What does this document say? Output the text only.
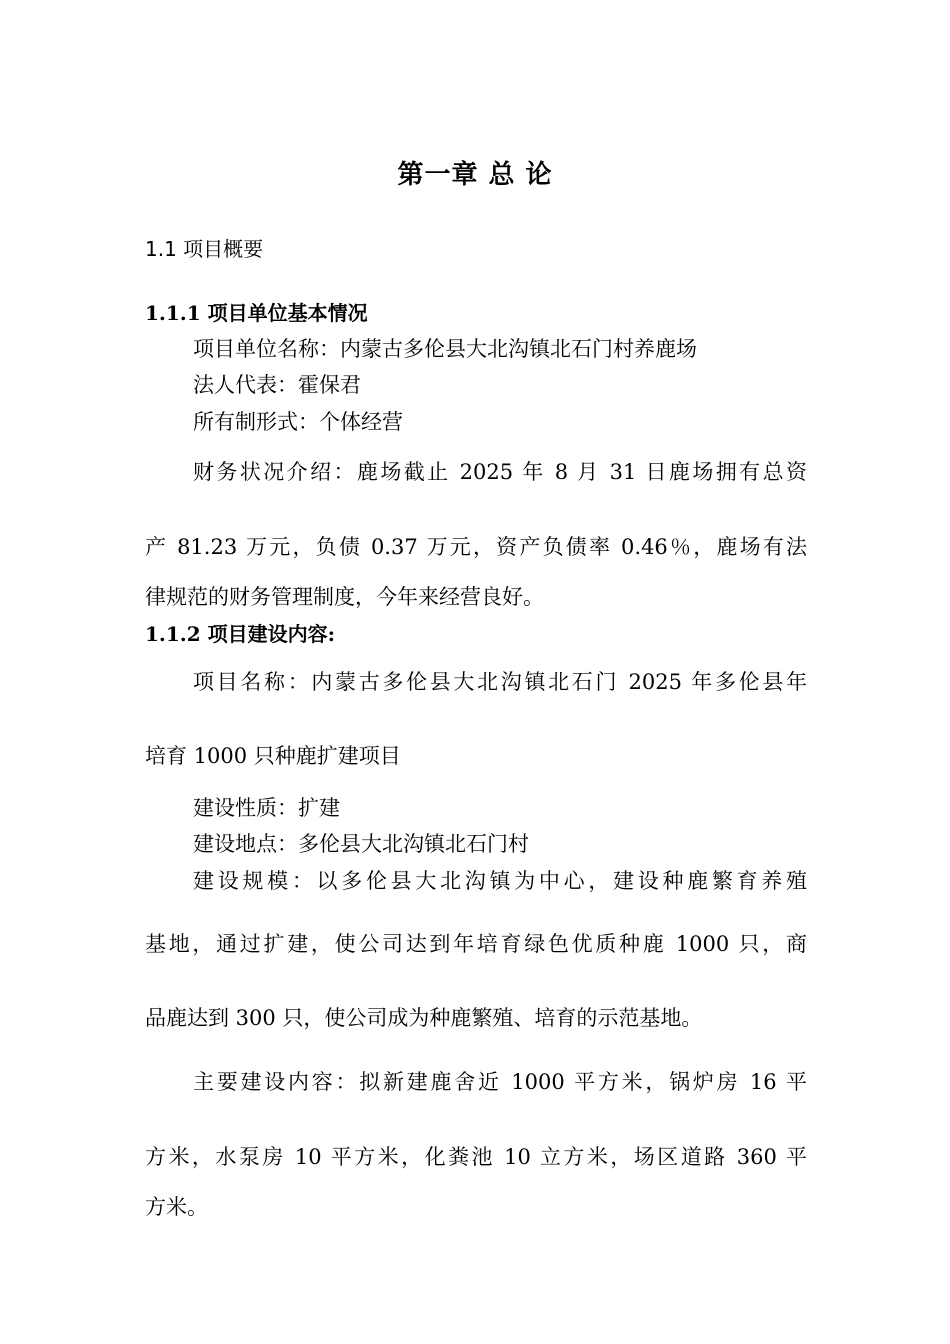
第一章 总 论
1.1 项目概要
1.1.1 项目单位基本情况
项目单位名称：内蒙古多伦县大北沟镇北石门村养鹿场
法人代表：霍保君
所有制形式：个体经营
财务状况介绍：鹿场截止 2025 年 8 月 31 日鹿场拥有总资
产 81.23 万元，负债 0.37 万元，资产负债率 0.46％，鹿场有法
律规范的财务管理制度，今年来经营良好。
1.1.2 项目建设内容:
项目名称：内蒙古多伦县大北沟镇北石门 2025 年多伦县年
培育 1000 只种鹿扩建项目
建设性质：扩建
建设地点：多伦县大北沟镇北石门村
建设规模：以多伦县大北沟镇为中心，建设种鹿繁育养殖
基地，通过扩建，使公司达到年培育绿色优质种鹿 1000 只，商
品鹿达到 300 只，使公司成为种鹿繁殖、培育的示范基地。
主要建设内容：拟新建鹿舍近 1000 平方米，锅炉房 16 平
方米，水泵房 10 平方米，化粪池 10 立方米，场区道路 360 平
方米。
